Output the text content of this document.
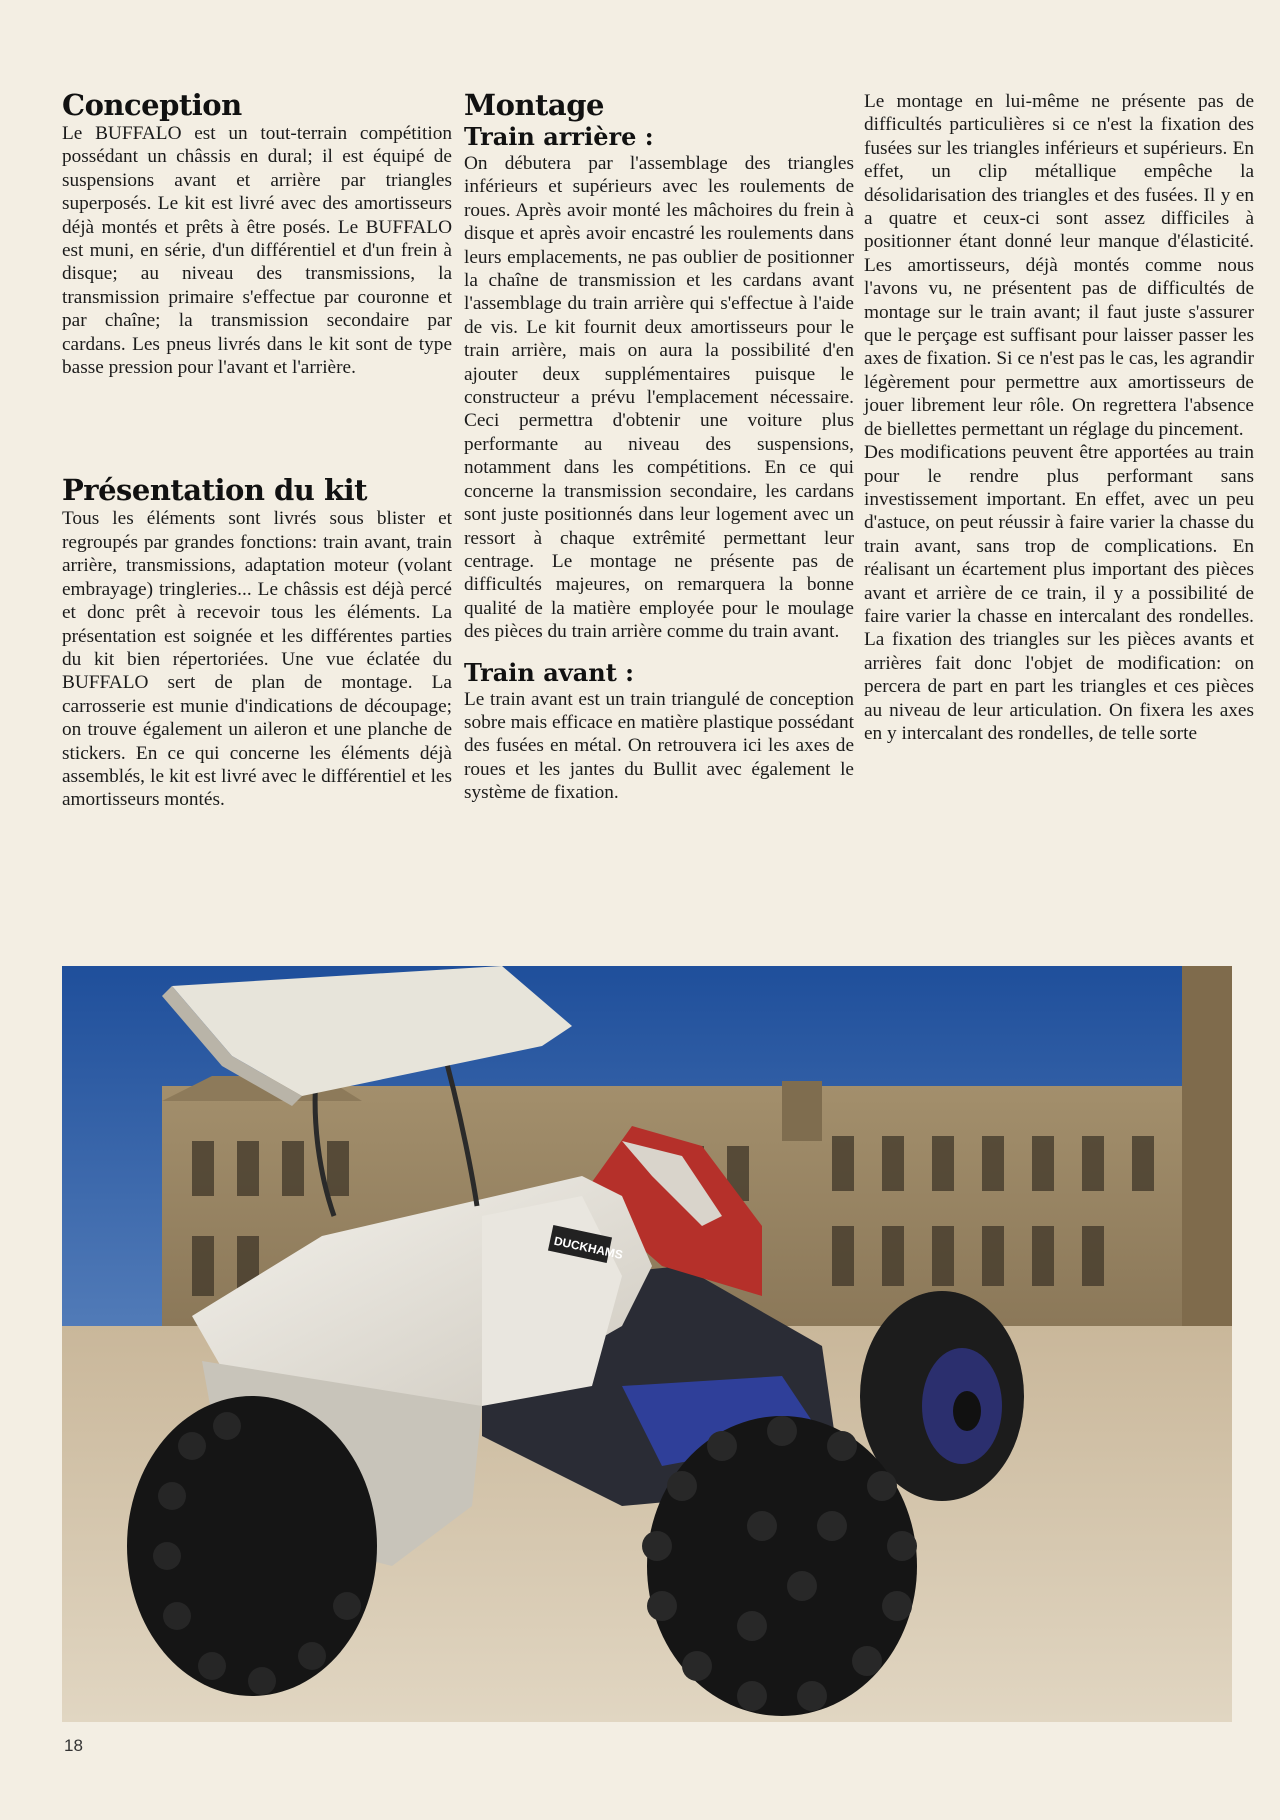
Conception

Le BUFFALO est un tout-terrain compétition possédant un châssis en dural; il est équipé de suspensions avant et arrière par triangles superposés. Le kit est livré avec des amortisseurs déjà montés et prêts à être posés. Le BUFFALO est muni, en série, d'un différentiel et d'un frein à disque; au niveau des transmissions, la transmission primaire s'effectue par couronne et par chaîne; la transmission secondaire par cardans. Les pneus livrés dans le kit sont de type basse pression pour l'avant et l'arrière.

Présentation du kit

Tous les éléments sont livrés sous blister et regroupés par grandes fonctions: train avant, train arrière, transmissions, adaptation moteur (volant embrayage) tringleries... Le châssis est déjà percé et donc prêt à recevoir tous les éléments. La présentation est soignée et les différentes parties du kit bien répertoriées. Une vue éclatée du BUFFALO sert de plan de montage. La carrosserie est munie d'indications de découpage; on trouve également un aileron et une planche de stickers. En ce qui concerne les éléments déjà assemblés, le kit est livré avec le différentiel et les amortisseurs montés.

Montage
Train arrière :

On débutera par l'assemblage des triangles inférieurs et supérieurs avec les roulements de roues. Après avoir monté les mâchoires du frein à disque et après avoir encastré les roulements dans leurs emplacements, ne pas oublier de positionner la chaîne de transmission et les cardans avant l'assemblage du train arrière qui s'effectue à l'aide de vis. Le kit fournit deux amortisseurs pour le train arrière, mais on aura la possibilité d'en ajouter deux supplémentaires puisque le constructeur a prévu l'emplacement nécessaire. Ceci permettra d'obtenir une voiture plus performante au niveau des suspensions, notamment dans les compétitions. En ce qui concerne la transmission secondaire, les cardans sont juste positionnés dans leur logement avec un ressort à chaque extrêmité permettant leur centrage. Le montage ne présente pas de difficultés majeures, on remarquera la bonne qualité de la matière employée pour le moulage des pièces du train arrière comme du train avant.

Train avant :

Le train avant est un train triangulé de conception sobre mais efficace en matière plastique possédant des fusées en métal. On retrouvera ici les axes de roues et les jantes du Bullit avec également le système de fixation.

Le montage en lui-même ne présente pas de difficultés particulières si ce n'est la fixation des fusées sur les triangles inférieurs et supérieurs. En effet, un clip métallique empêche la désolidarisation des triangles et des fusées. Il y en a quatre et ceux-ci sont assez difficiles à positionner étant donné leur manque d'élasticité. Les amortisseurs, déjà montés comme nous l'avons vu, ne présentent pas de difficultés de montage sur le train avant; il faut juste s'assurer que le perçage est suffisant pour laisser passer les axes de fixation. Si ce n'est pas le cas, les agrandir légèrement pour permettre aux amortisseurs de jouer librement leur rôle. On regrettera l'absence de biellettes permettant un réglage du pincement.

Des modifications peuvent être apportées au train pour le rendre plus performant sans investissement important. En effet, avec un peu d'astuce, on peut réussir à faire varier la chasse du train avant, sans trop de complications. En réalisant un écartement plus important des pièces avant et arrière de ce train, il y a possibilité de faire varier la chasse en intercalant des rondelles. La fixation des triangles sur les pièces avants et arrières fait donc l'objet de modification: on percera de part en part les triangles et ces pièces au niveau de leur articulation. On fixera les axes en y intercalant des rondelles, de telle sorte

DUCKHAMS
18
